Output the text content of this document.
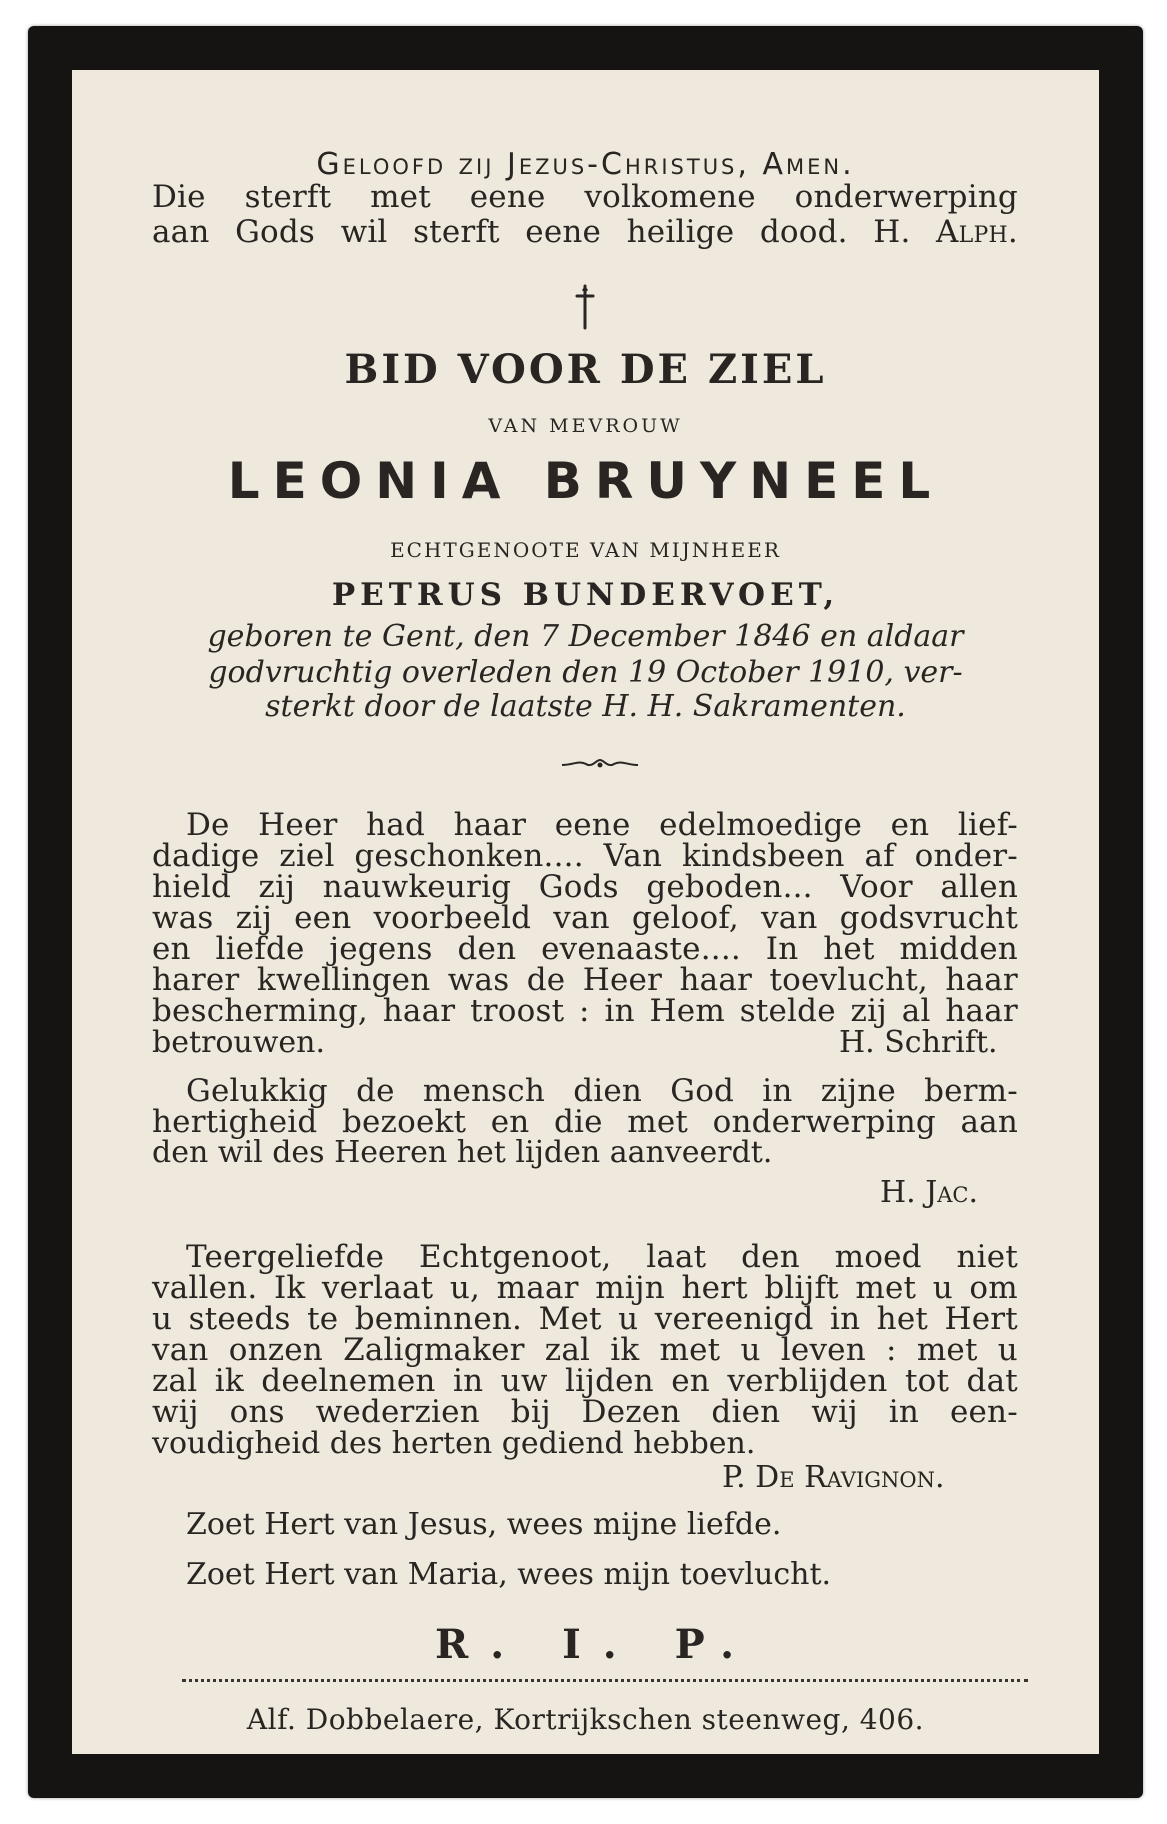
Geloofd zij Jezus-Christus, Amen.
Die sterft met eene volkomene onderwerping
aan Gods wil sterft eene heilige dood. H. Alph.
BID VOOR DE ZIEL
VAN MEVROUW
LEONIA BRUYNEEL
ECHTGENOOTE VAN MIJNHEER
PETRUS BUNDERVOET,
geboren te Gent, den 7 December 1846 en aldaar
godvruchtig overleden den 19 October 1910, ver-
sterkt door de laatste H. H. Sakramenten.
De Heer had haar eene edelmoedige en lief-
dadige ziel geschonken.... Van kindsbeen af onder-
hield zij nauwkeurig Gods geboden... Voor allen
was zij een voorbeeld van geloof, van godsvrucht
en liefde jegens den evenaaste.... In het midden
harer kwellingen was de Heer haar toevlucht, haar
bescherming, haar troost : in Hem stelde zij al haar
betrouwen.	H. Schrift.
Gelukkig de mensch dien God in zijne berm-
hertigheid bezoekt en die met onderwerping aan
den wil des Heeren het lijden aanveerdt.
H. Jac.
Teergeliefde Echtgenoot, laat den moed niet
vallen. Ik verlaat u, maar mijn hert blijft met u om
u steeds te beminnen. Met u vereenigd in het Hert
van onzen Zaligmaker zal ik met u leven : met u
zal ik deelnemen in uw lijden en verblijden tot dat
wij ons wederzien bij Dezen dien wij in een-
voudigheid des herten gediend hebben.
P. De Ravignon.
Zoet Hert van Jesus, wees mijne liefde.
Zoet Hert van Maria, wees mijn toevlucht.
R. I. P.
Alf. Dobbelaere, Kortrijkschen steenweg, 406.
